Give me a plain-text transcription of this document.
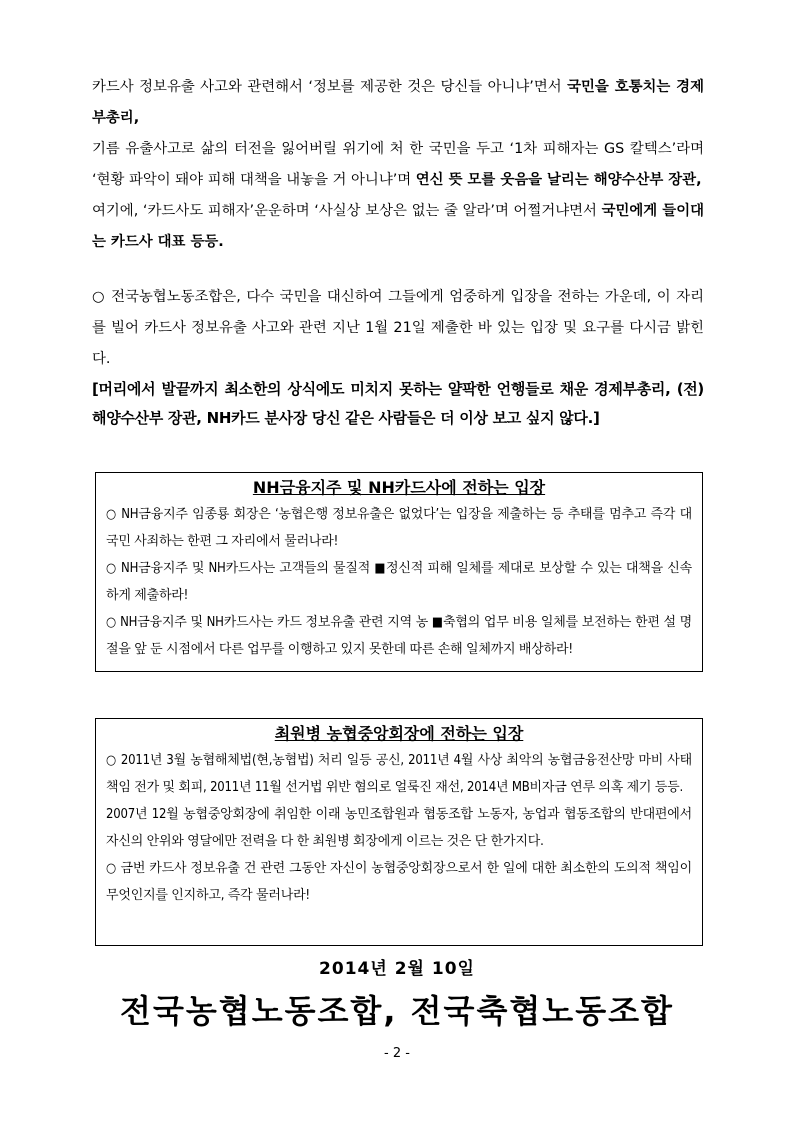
카드사 정보유출 사고와 관련해서 ‘정보를 제공한 것은 당신들 아니냐’면서 국민을 호통치는 경제부총리,

기름 유출사고로 삶의 터전을 잃어버릴 위기에 처 한 국민을 두고 ‘1차 피해자는 GS 칼텍스’라며 ‘현황 파악이 돼야 피해 대책을 내놓을 거 아니냐’며 연신 뜻 모를 웃음을 날리는 해양수산부 장관,

여기에, ‘카드사도 피해자’운운하며 ‘사실상 보상은 없는 줄 알라’며 어쩔거냐면서 국민에게 들이대는 카드사 대표 등등.

○ 전국농협노동조합은, 다수 국민을 대신하여 그들에게 엄중하게 입장을 전하는 가운데, 이 자리를 빌어 카드사 정보유출 사고와 관련 지난 1월 21일 제출한 바 있는 입장 및 요구를 다시금 밝힌다.

[머리에서 발끝까지 최소한의 상식에도 미치지 못하는 얄팍한 언행들로 채운 경제부총리, (전)해양수산부 장관, NH카드 분사장 당신 같은 사람들은 더 이상 보고 싶지 않다.]

NH금융지주 및 NH카드사에 전하는 입장

○ NH금융지주 임종룡 회장은 ‘농협은행 정보유출은 없었다’는 입장을 제출하는 등 추태를 멈추고 즉각 대 국민 사죄하는 한편 그 자리에서 물러나라!

○ NH금융지주 및 NH카드사는 고객들의 물질적 ■정신적 피해 일체를 제대로 보상할 수 있는 대책을 신속하게 제출하라!

○ NH금융지주 및 NH카드사는 카드 정보유출 관련 지역 농 ■축협의 업무 비용 일체를 보전하는 한편 설 명절을 앞 둔 시점에서 다른 업무를 이행하고 있지 못한데 따른 손해 일체까지 배상하라!

최원병 농협중앙회장에 전하는 입장

○ 2011년 3월 농협해체법(현,농협법) 처리 일등 공신, 2011년 4월 사상 최악의 농협금융전산망 마비 사태 책임 전가 및 회피, 2011년 11월 선거법 위반 혐의로 얼룩진 재선, 2014년 MB비자금 연루 의혹 제기 등등.

2007년 12월 농협중앙회장에 취임한 이래 농민조합원과 협동조합 노동자, 농업과 협동조합의 반대편에서 자신의 안위와 영달에만 전력을 다 한 최원병 회장에게 이르는 것은 단 한가지다.

○ 금번 카드사 정보유출 건 관련 그동안 자신이 농협중앙회장으로서 한 일에 대한 최소한의 도의적 책임이 무엇인지를 인지하고, 즉각 물러나라!

2014년 2월 10일
전국농협노동조합, 전국축협노동조합
- 2 -
